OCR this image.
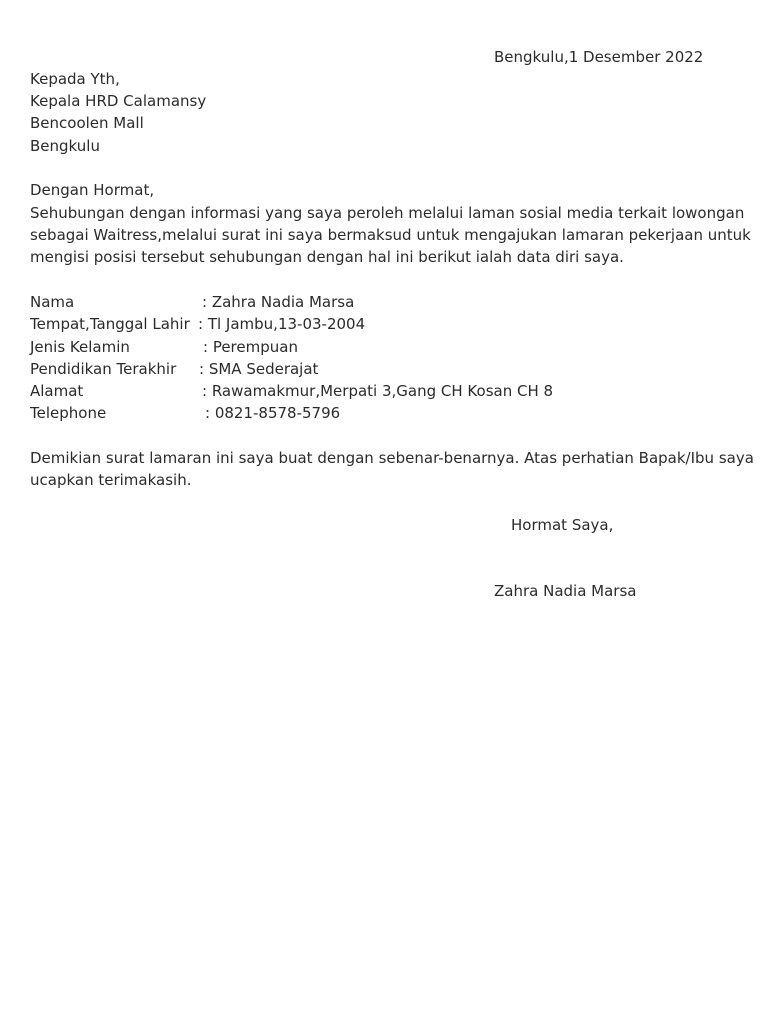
Bengkulu,1 Desember 2022
Kepada Yth,
Kepala HRD Calamansy
Bencoolen Mall
Bengkulu
Dengan Hormat,
Sehubungan dengan informasi yang saya peroleh melalui laman sosial media terkait lowongan
sebagai Waitress,melalui surat ini saya bermaksud untuk mengajukan lamaran pekerjaan untuk
mengisi posisi tersebut sehubungan dengan hal ini berikut ialah data diri saya.
Nama	: Zahra Nadia Marsa
Tempat,Tanggal Lahir : Tl Jambu,13-03-2004
Jenis Kelamin	: Perempuan
Pendidikan Terakhir : SMA Sederajat
Alamat	: Rawamakmur,Merpati 3,Gang CH Kosan CH 8
Telephone	: 0821-8578-5796
Demikian surat lamaran ini saya buat dengan sebenar-benarnya. Atas perhatian Bapak/Ibu saya
ucapkan terimakasih.
Hormat Saya,
Zahra Nadia Marsa
